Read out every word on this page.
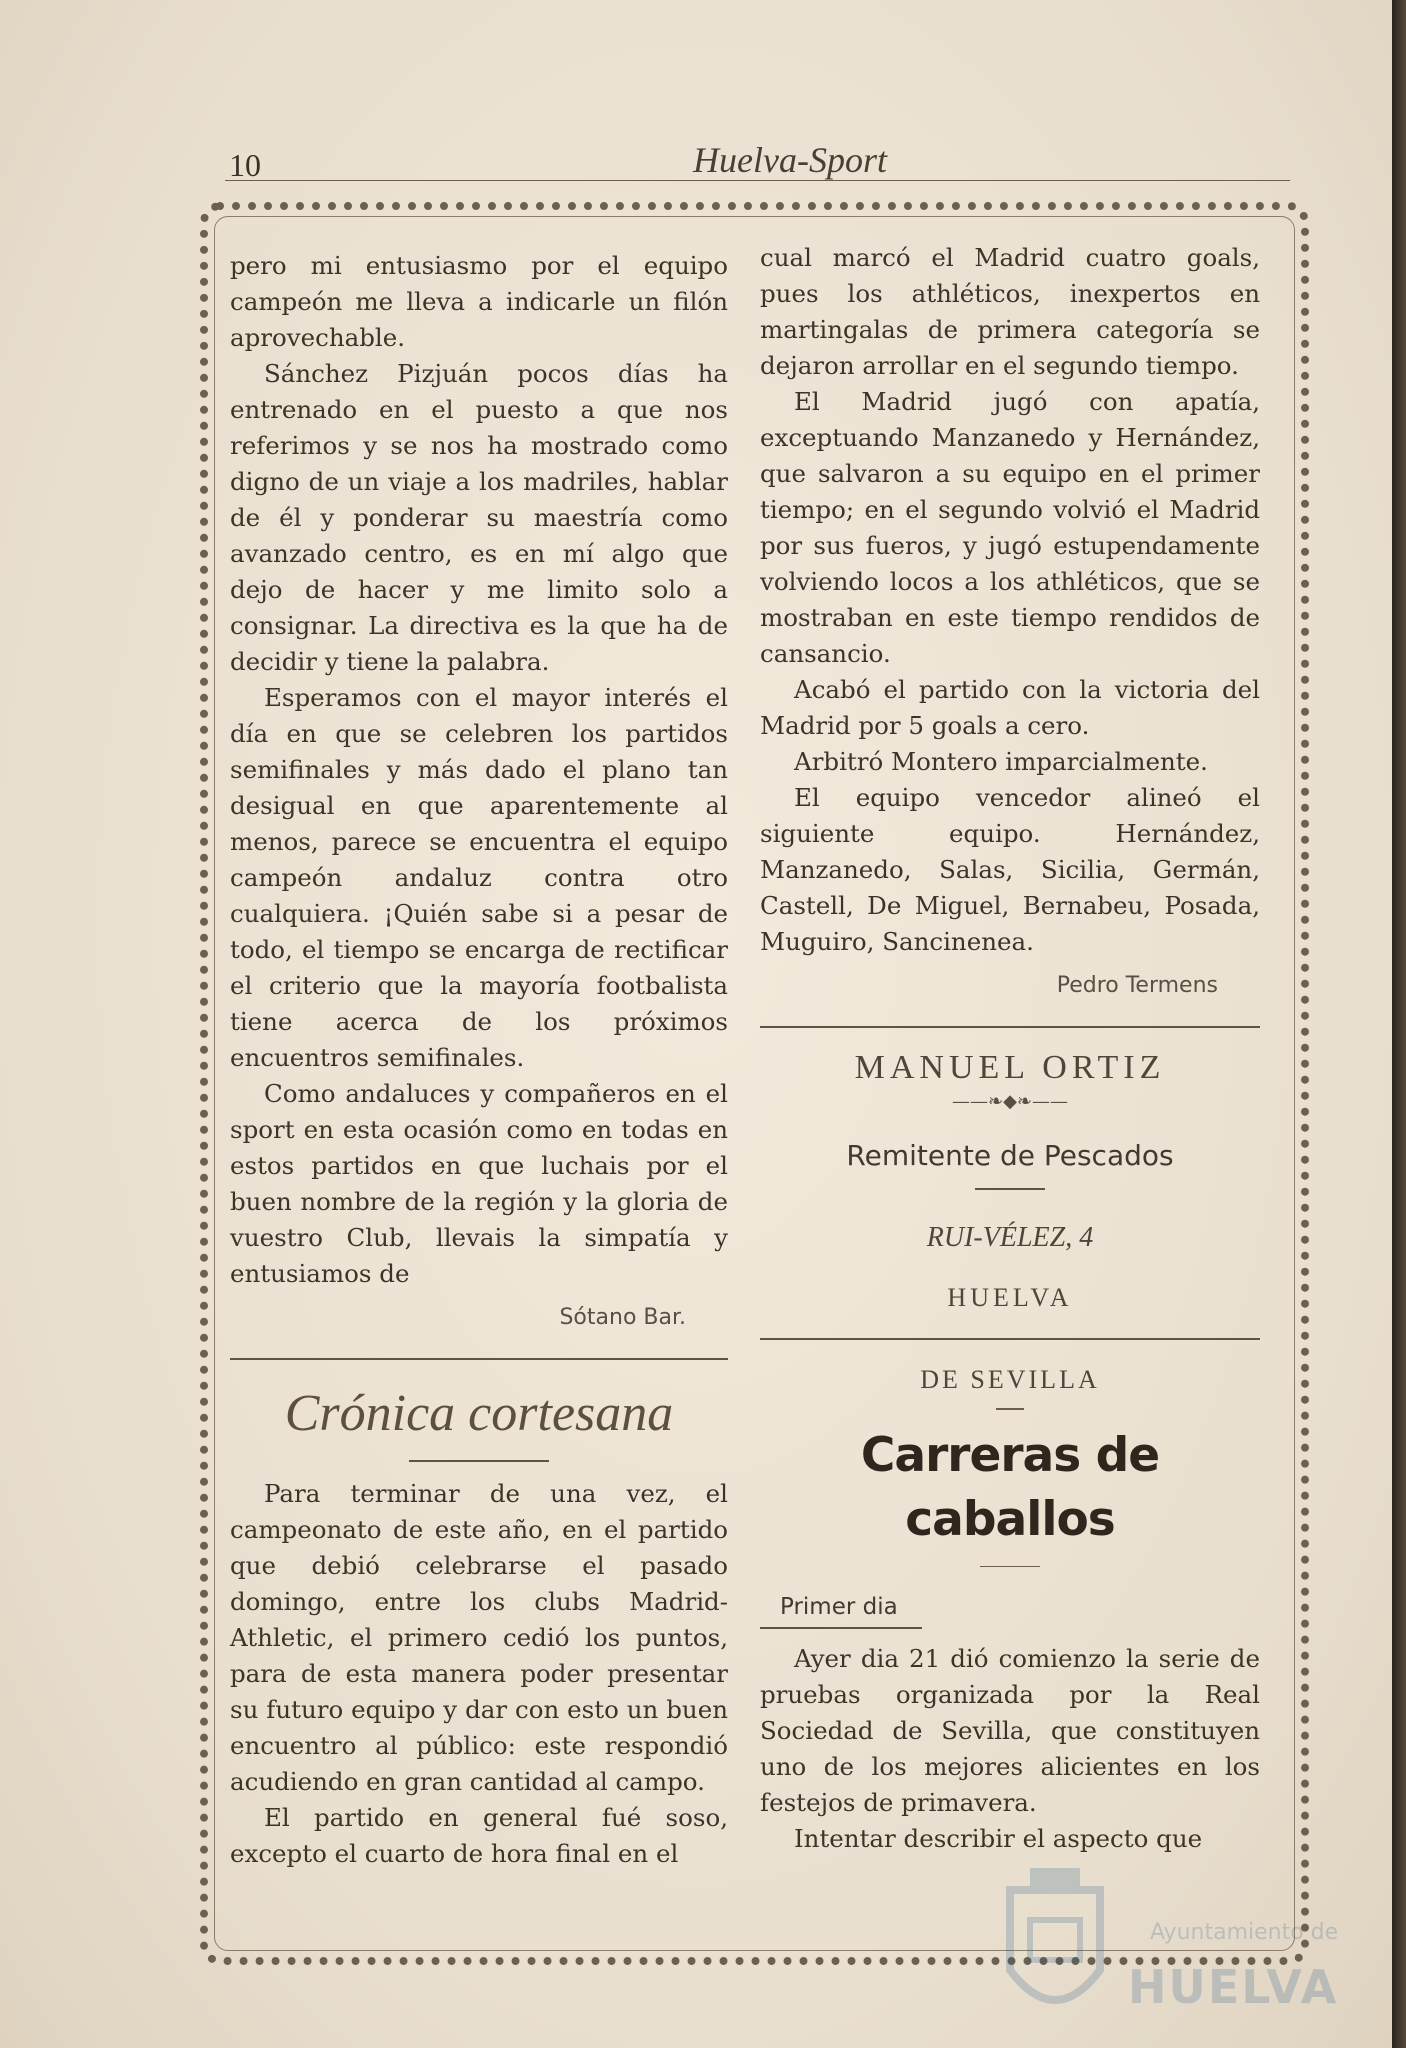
10	Huelva-Sport

pero mi entusiasmo por el equipo campeón me lleva a indicarle un filón aprovechable.

Sánchez Pizjuán pocos días ha entrenado en el puesto a que nos referimos y se nos ha mostrado como digno de un viaje a los madriles, hablar de él y ponderar su maestría como avanzado centro, es en mí algo que dejo de hacer y me limito solo a consignar. La directiva es la que ha de decidir y tiene la palabra.

Esperamos con el mayor interés el día en que se celebren los partidos semifinales y más dado el plano tan desigual en que aparentemente al menos, parece se encuentra el equipo campeón andaluz contra otro cualquiera. ¡Quién sabe si a pesar de todo, el tiempo se encarga de rectificar el criterio que la mayoría footbalista tiene acerca de los próximos encuentros semifinales.

Como andaluces y compañeros en el sport en esta ocasión como en todas en estos partidos en que luchais por el buen nombre de la región y la gloria de vuestro Club, llevais la simpatía y entusiamos de

Sótano Bar.
Crónica cortesana

Para terminar de una vez, el campeonato de este año, en el partido que debió celebrarse el pasado domingo, entre los clubs Madrid-Athletic, el primero cedió los puntos, para de esta manera poder presentar su futuro equipo y dar con esto un buen encuentro al público: este respondió acudiendo en gran cantidad al campo.

El partido en general fué soso, excepto el cuarto de hora final en el

cual marcó el Madrid cuatro goals, pues los athléticos, inexpertos en martingalas de primera categoría se dejaron arrollar en el segundo tiempo.

El Madrid jugó con apatía, exceptuando Manzanedo y Hernández, que salvaron a su equipo en el primer tiempo; en el segundo volvió el Madrid por sus fueros, y jugó estupendamente volviendo locos a los athléticos, que se mostraban en este tiempo rendidos de cansancio.

Acabó el partido con la victoria del Madrid por 5 goals a cero.

Arbitró Montero imparcialmente.

El equipo vencedor alineó el siguiente equipo. Hernández, Manzanedo, Salas, Sicilia, Germán, Castell, De Miguel, Bernabeu, Posada, Muguiro, Sancinenea.

Pedro Termens
MANUEL ORTIZ
——❧◆❧——
Remitente de Pescados
RUI-VÉLEZ, 4
HUELVA
DE SEVILLA
Carreras de caballos
Primer dia

Ayer dia 21 dió comienzo la serie de pruebas organizada por la Real Sociedad de Sevilla, que constituyen uno de los mejores alicientes en los festejos de primavera.

Intentar describir el aspecto que

Ayuntamiento de
HUELVA
